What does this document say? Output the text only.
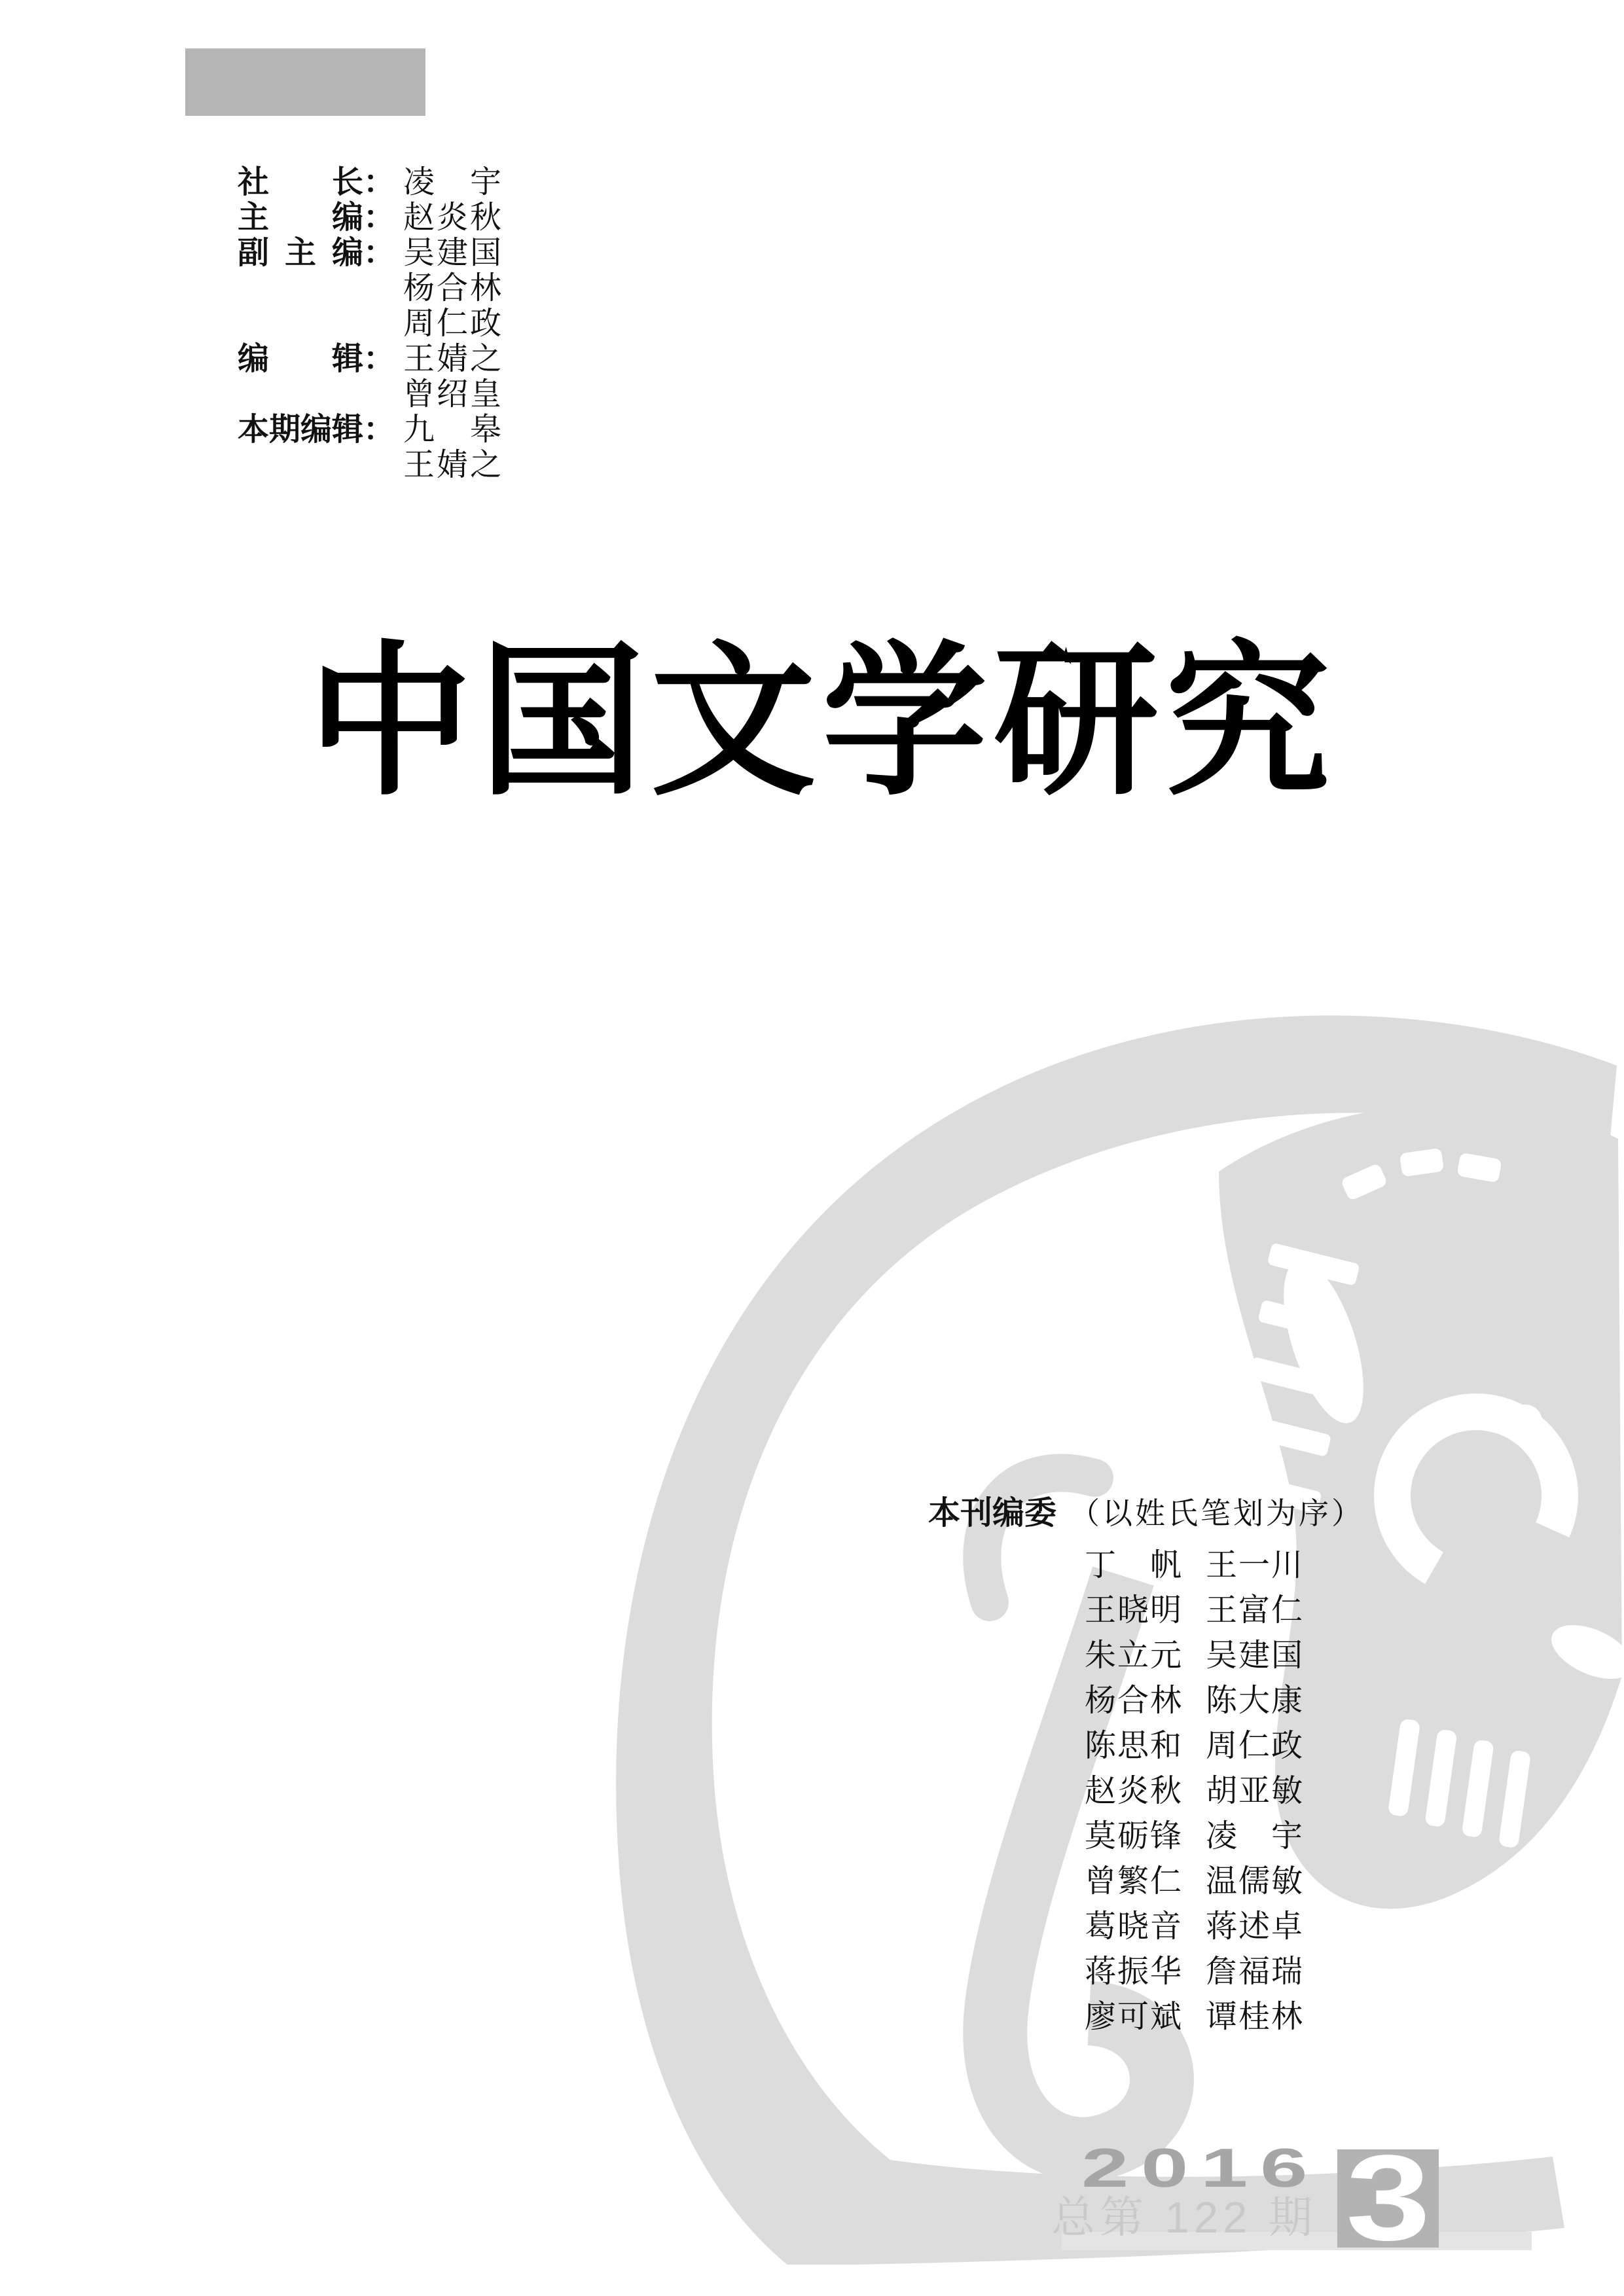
社　　长： 凌　宇

主　　编： 赵炎秋

副 主 编： 吴建国

杨合林

周仁政

编　　辑： 王婧之

曾绍皇

本期编辑： 九　皋

王婧之

中国文学研究
本刊编委 （以姓氏笔划为序）
丁　帆 王一川
王晓明 王富仁
朱立元 吴建国
杨合林 陈大康
陈思和 周仁政
赵炎秋 胡亚敏
莫砺锋 凌　宇
曾繁仁 温儒敏
葛晓音 蒋述卓
蒋振华 詹福瑞
廖可斌 谭桂林
2016
总第 122 期 3
